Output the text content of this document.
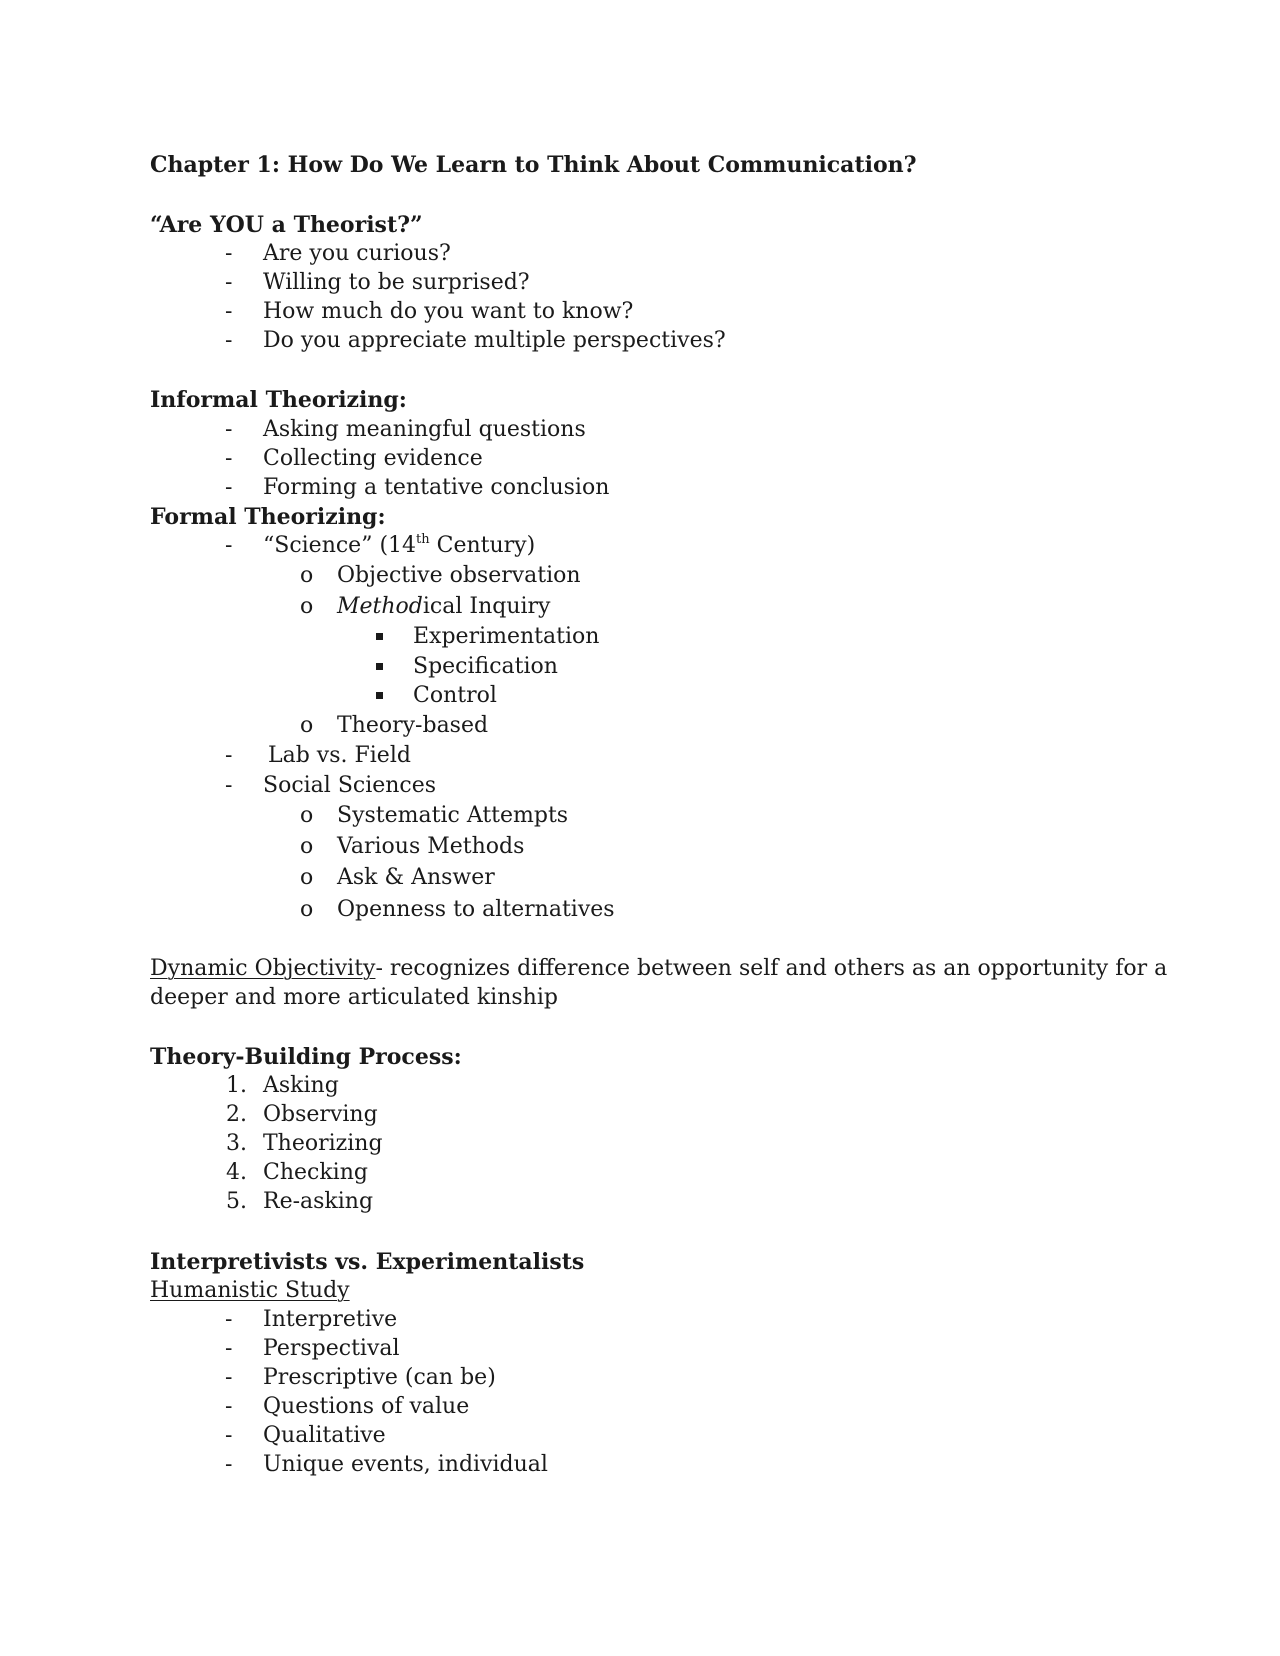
Chapter 1: How Do We Learn to Think About Communication?
“Are YOU a Theorist?”
- Are you curious?
- Willing to be surprised?
- How much do you want to know?
- Do you appreciate multiple perspectives?
Informal Theorizing:
- Asking meaningful questions
- Collecting evidence
- Forming a tentative conclusion
Formal Theorizing:
- “Science” (14th Century)
o Objective observation
o Methodical Inquiry
Experimentation
Specification
Control
o Theory-based
- Lab vs. Field
- Social Sciences
o Systematic Attempts
o Various Methods
o Ask & Answer
o Openness to alternatives
Dynamic Objectivity- recognizes difference between self and others as an opportunity for a
deeper and more articulated kinship
Theory-Building Process:
1. Asking
2. Observing
3. Theorizing
4. Checking
5. Re-asking
Interpretivists vs. Experimentalists
Humanistic Study
- Interpretive
- Perspectival
- Prescriptive (can be)
- Questions of value
- Qualitative
- Unique events, individual
